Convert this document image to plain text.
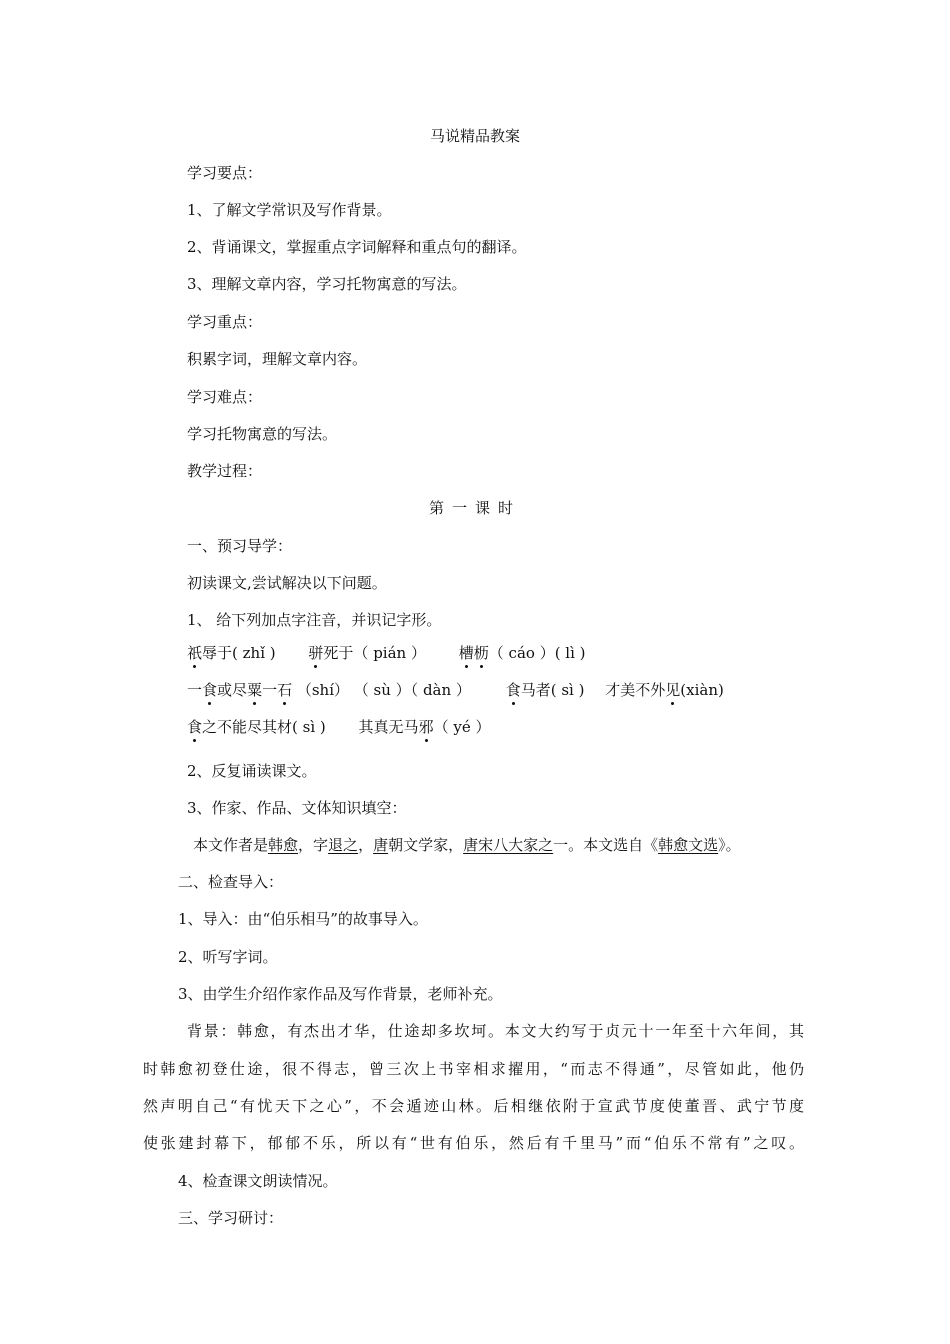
马说精品教案
学习要点：
1、了解文学常识及写作背景。
2、背诵课文，掌握重点字词解释和重点句的翻译。
3、理解文章内容，学习托物寓意的写法。
学习重点：
积累字词，理解文章内容。
学习难点：
学习托物寓意的写法。
教学过程：
第一课时
一、预习导学：
初读课文,尝试解决以下问题。
1、 给下列加点字注音，并识记字形。
祇辱于( zhǐ ) 骈死于（ pián ） 槽枥（ cáo ）( lì )
一食或尽粟一石 （shí） （ sù ）（ dàn ） 食马者( sì ) 才美不外见(xiàn)
食之不能尽其材( sì ) 其真无马邪（ yé ）
2、反复诵读课文。
3、作家、作品、文体知识填空：
本文作者是韩愈，字退之，唐朝文学家，唐宋八大家之一。本文选自《韩愈文选》。
二、检查导入：
1、导入：由“伯乐相马”的故事导入。
2、听写字词。
3、由学生介绍作家作品及写作背景，老师补充。
背景：韩愈，有杰出才华，仕途却多坎坷。本文大约写于贞元十一年至十六年间，其
时韩愈初登仕途，很不得志，曾三次上书宰相求擢用，“而志不得通”，尽管如此，他仍
然声明自己“有忧天下之心”，不会遁迹山林。后相继依附于宣武节度使董晋、武宁节度
使张建封幕下，郁郁不乐，所以有“世有伯乐，然后有千里马”而“伯乐不常有”之叹。
4、检查课文朗读情况。
三、学习研讨：
